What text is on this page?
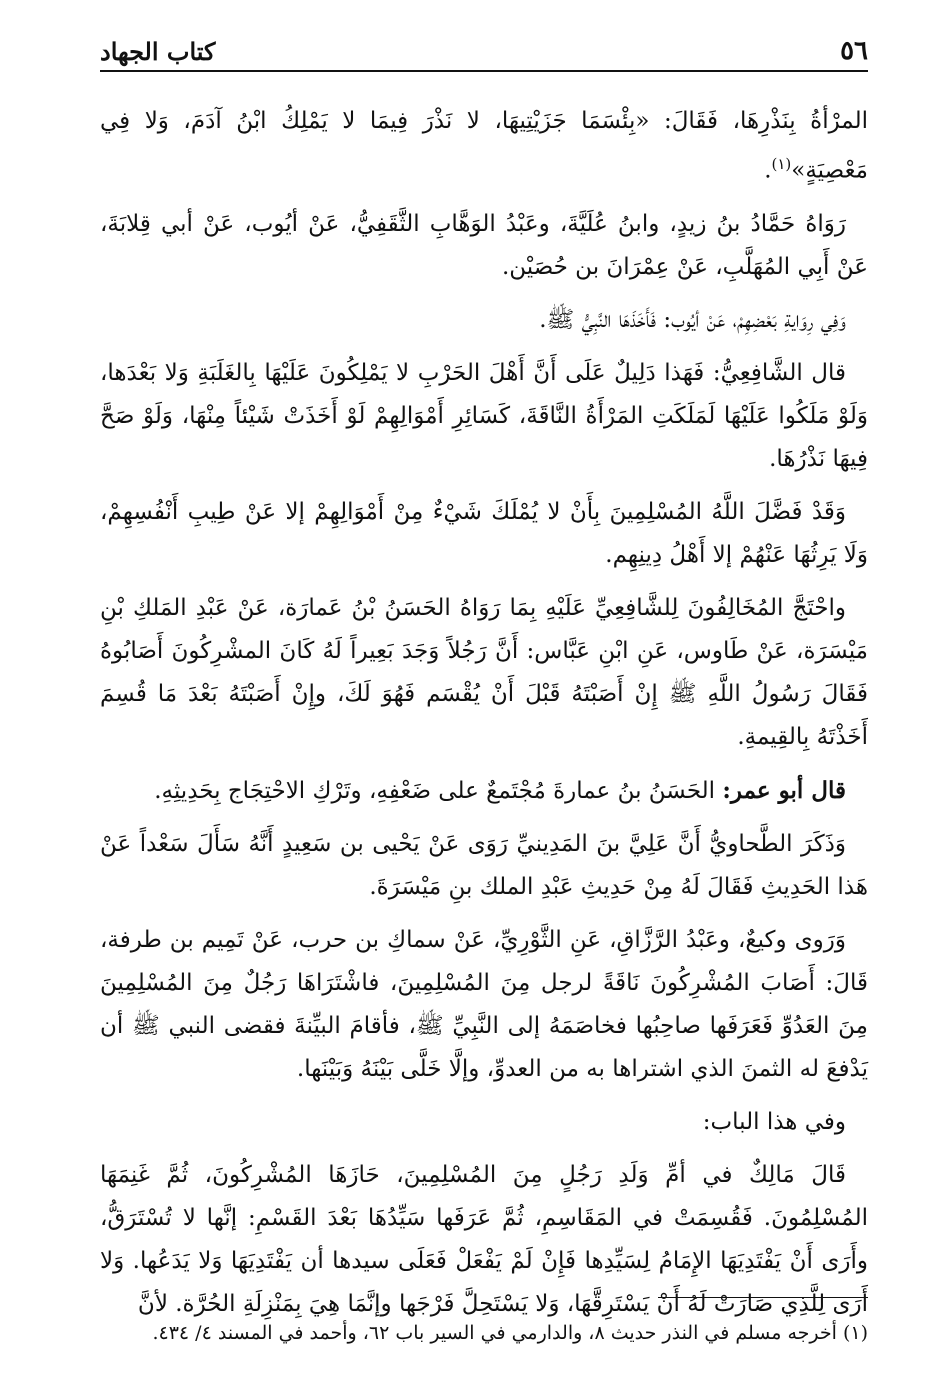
٥٦
كتاب الجهاد

المرْأةُ بِنَذْرِهَا، فَقَالَ: «بِئْسَمَا جَزَيْتِيهَا، لا نَذْرَ فِيمَا لا يَمْلِكُ ابْنُ آدَمَ، وَلا فِي مَعْصِيَةٍ»$^{(١)}$.

رَوَاهُ حَمَّادُ بنُ زيدٍ، وابنُ عُلَيَّةَ، وعَبْدُ الوَهَّابِ الثَّقَفِيُّ، عَنْ أيُوب، عَنْ أبي قِلابَةَ، عَنْ أَبِي المُهَلَّبِ، عَنْ عِمْرَانَ بن حُصَيْن.

وَفِي رِوَايةِ بَعْضِهِمْ، عَنْ أيُوب: فَأَخَذَهَا النَّبِيُّ ﷺ.

قال الشَّافِعِيُّ: فَهَذا دَلِيلٌ عَلَى أَنَّ أَهْلَ الحَرْبِ لا يَمْلِكُونَ عَلَيْهَا بِالغَلَبَةِ وَلا بَعْدَها، وَلَوْ مَلَكُوا عَلَيْهَا لَمَلَكَتِ المَرْأَةُ النَّاقَةَ، كَسَائِرِ أَمْوَالِهِمْ لَوْ أَخَذَتْ شَيْئاً مِنْهَا، وَلَوْ صَحَّ فِيهَا نَذْرُهَا.

وَقَدْ فَضَّلَ اللَّهُ المُسْلِمِينَ بِأَنْ لا يُمْلَكَ شَيْءٌ مِنْ أَمْوَالِهِمْ إلا عَنْ طِيبِ أَنْفُسِهِمْ، وَلَا يَرِثُهَا عَنْهُمْ إلا أَهْلُ دِينِهِم.

واحْتَجَّ المُخَالِفُونَ لِلشَّافِعِيِّ عَلَيْهِ بِمَا رَوَاهُ الحَسَنُ بْنُ عَمارَة، عَنْ عَبْدِ المَلكِ بْنِ مَيْسَرَة، عَنْ طَاوس، عَنِ ابْنِ عَبَّاس: أَنَّ رَجُلاً وَجَدَ بَعِيراً لَهُ كَانَ المشْرِكُونَ أَصَابُوهُ فَقَالَ رَسُولُ اللَّهِ ﷺ إِنْ أَصَبْتَهُ قَبْلَ أَنْ يُقْسَم فَهُوَ لَكَ، وإِنْ أَصَبْتَهُ بَعْدَ مَا قُسِمَ أَخَذْتَهُ بِالقِيمةِ.

قال أبو عمر: الحَسَنُ بنُ عمارةَ مُجْتَمعٌ على ضَعْفِهِ، وتَرْكِ الاحْتِجَاج بِحَدِيثِهِ.

وَذَكَرَ الطَّحاويُّ أَنَّ عَلِيَّ بنَ المَدِينيِّ رَوَى عَنْ يَحْيى بن سَعِيدٍ أَنَّهُ سَأَلَ سَعْداً عَنْ هَذا الحَدِيثِ فَقَالَ لَهُ مِنْ حَدِيثِ عَبْدِ الملك بنِ مَيْسَرَةَ.

وَرَوى وكيعٌ، وعَبْدُ الرَّزَّاقِ، عَنِ الثَّوْرِيِّ، عَنْ سماكِ بن حرب، عَنْ تَمِيم بن طرفة، قَالَ: أَصَابَ المُشْرِكُونَ نَاقَةً لرجل مِنَ المُسْلِمِينَ، فاشْتَرَاهَا رَجُلٌ مِنَ المُسْلِمِينَ مِنَ العَدُوِّ فَعَرَفَها صاحِبُها فخاصَمَهُ إلى النَّبِيِّ ﷺ، فأقامَ البيِّنةَ فقضى النبي ﷺ أن يَدْفعَ له الثمنَ الذي اشتراها به من العدوِّ، وإلَّا خَلَّى بَيْنَهُ وَبَيْنَها.

وفي هذا الباب:

قَالَ مَالِكٌ في أمِّ وَلَدِ رَجُلٍ مِنَ المُسْلِمِينَ، حَازَهَا المُشْرِكُونَ، ثُمَّ غَنِمَهَا المُسْلِمُونَ. فَقُسِمَتْ في المَقَاسِمِ، ثُمَّ عَرَفَها سَيِّدُهَا بَعْدَ القَسْمِ: إنَّها لا تُسْتَرَقُّ، وأَرَى أَنْ يَفْتَدِيَهَا الإِمَامُ لِسَيِّدِها فَإِنْ لَمْ يَفْعَلْ فَعَلَى سيدها أن يَفْتَدِيَهَا وَلا يَدَعُها. وَلا أَرَى لِلَّذِي صَارَتْ لَهُ أَنْ يَسْتَرِقَّهَا، وَلا يَسْتَحِلَّ فَرْجَها وإنَّمَا هِيَ بِمَنْزِلَةِ الحُرَّة. لأنَّ

(١) أخرجه مسلم في النذر حديث ٨، والدارمي في السير باب ٦٢، وأحمد في المسند ٤/ ٤٣٤.
